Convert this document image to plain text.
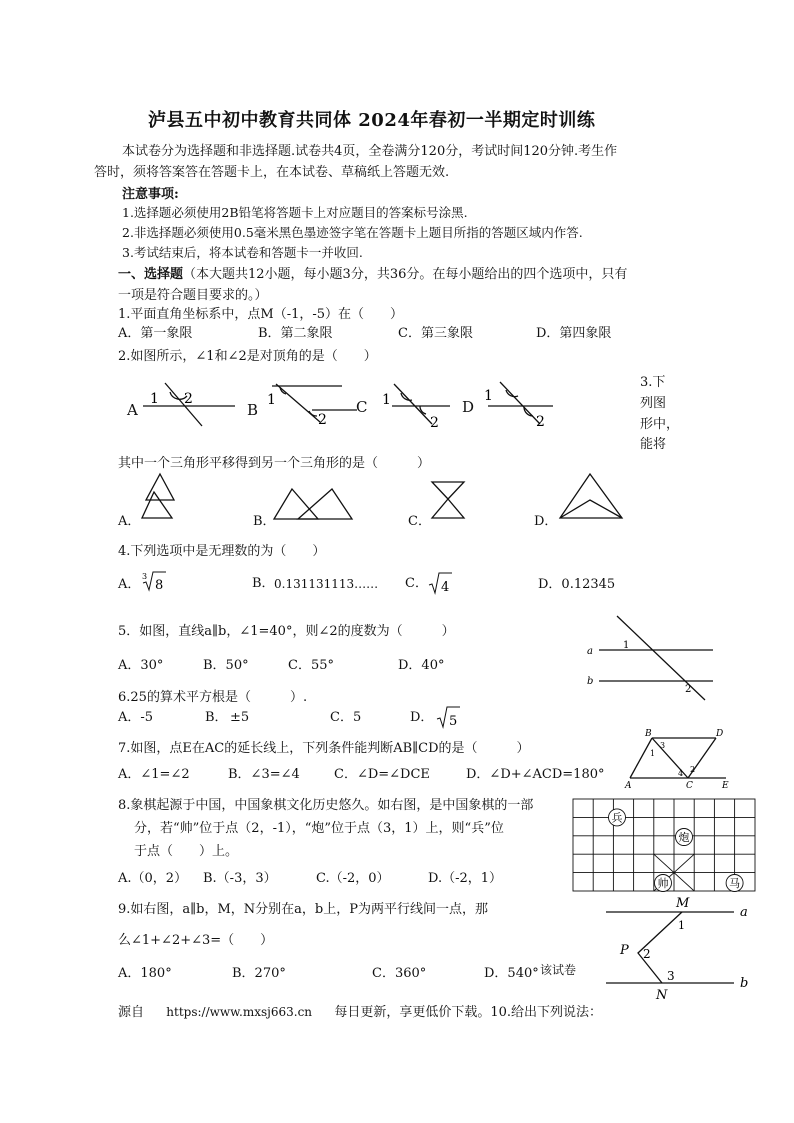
泸县五中初中教育共同体 2024年春初一半期定时训练
本试卷分为选择题和非选择题.试卷共4页，全卷满分120分，考试时间120分钟.考生作
答时，须将答案答在答题卡上，在本试卷、草稿纸上答题无效.
注意事项:
1.选择题必须使用2B铅笔将答题卡上对应题目的答案标号涂黑.
2.非选择题必须使用0.5毫米黑色墨迹签字笔在答题卡上题目所指的答题区域内作答.
3.考试结束后，将本试卷和答题卡一并收回.
一、选择题（本大题共12小题，每小题3分，共36分。在每小题给出的四个选项中，只有
一项是符合题目要求的。）
1.平面直角坐标系中，点M（-1，-5）在（　　）
A．第一象限	B．第二象限	C．第三象限	D．第四象限
2.如图所示，∠1和∠2是对顶角的是（　　）
A
1 2
B
1
2
C 1
2
D
1
2
3.下
列图
形中，
能将
其中一个三角形平移得到另一个三角形的是（　　　）
A．	B．	C．	D．
4.下列选项中是无理数的为（　　）
A．
3
8	B． 0.131131113…… C． 4	D．0.12345
5．如图，直线a∥b，∠1=40°，则∠2的度数为（　　　）
A．30°	B．50°	C．55°	D．40°
a
b
1
2
6.25的算术平方根是（　　　）.
A．-5	B． ±5	C．5	D． 5
7.如图，点E在AC的延长线上，下列条件能判断AB∥CD的是（　　　）
A．∠1=∠2	B．∠3=∠4	C．∠D=∠DCE	D．∠D+∠ACD=180°
B	D
A	C	E
1
2
3
4
8.象棋起源于中国，中国象棋文化历史悠久。如右图，是中国象棋的一部
分，若“帅”位于点（2，-1），“炮”位于点（3，1）上，则“兵”位
于点（　　）上。
A.（0，2） B.（-3，3）	C.（-2，0）	D.（-2，1）
兵
炮
帅	马
9.如右图，a∥b，M，N分别在a，b上，P为两平行线间一点，那
么∠1+∠2+∠3=（　　）
A．180°	B．270°	C．360°	D．540° 该试卷
M
a
1
P 2
3
N
b
源自 https://www.mxsj663.cn 每日更新，享更低价下载。10.给出下列说法：
